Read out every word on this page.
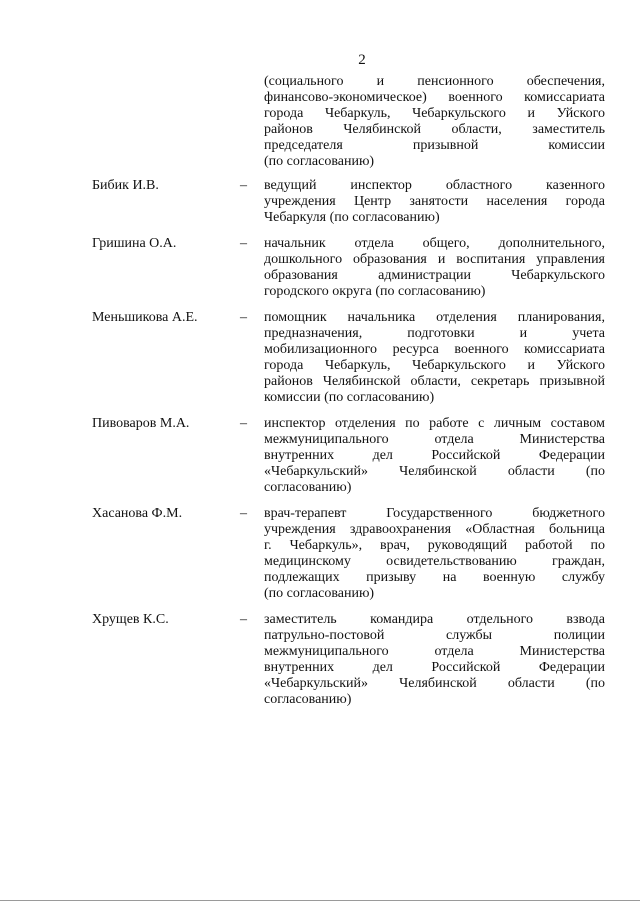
2
(социального и пенсионного обеспечения,
финансово-экономическое) военного комиссариата
города Чебаркуль, Чебаркульского и Уйского
районов Челябинской области, заместитель
председателя призывной комиссии
(по согласованию)
Бибик И.В.	– ведущий инспектор областного казенного
учреждения Центр занятости населения города
Чебаркуля (по согласованию)
Гришина О.А.	– начальник отдела общего, дополнительного,
дошкольного образования и воспитания управления
образования администрации Чебаркульского
городского округа (по согласованию)
Меньшикова А.Е.	– помощник начальника отделения планирования,
предназначения, подготовки и учета
мобилизационного ресурса военного комиссариата
города Чебаркуль, Чебаркульского и Уйского
районов Челябинской области, секретарь призывной
комиссии (по согласованию)
Пивоваров М.А.	– инспектор отделения по работе с личным составом
межмуниципального отдела Министерства
внутренних дел Российской Федерации
«Чебаркульский» Челябинской области (по
согласованию)
Хасанова Ф.М.	– врач-терапевт Государственного бюджетного
учреждения здравоохранения «Областная больница
г. Чебаркуль», врач, руководящий работой по
медицинскому освидетельствованию граждан,
подлежащих призыву на военную службу
(по согласованию)
Хрущев К.С.	– заместитель командира отдельного взвода
патрульно-постовой службы полиции
межмуниципального отдела Министерства
внутренних дел Российской Федерации
«Чебаркульский» Челябинской области (по
согласованию)
